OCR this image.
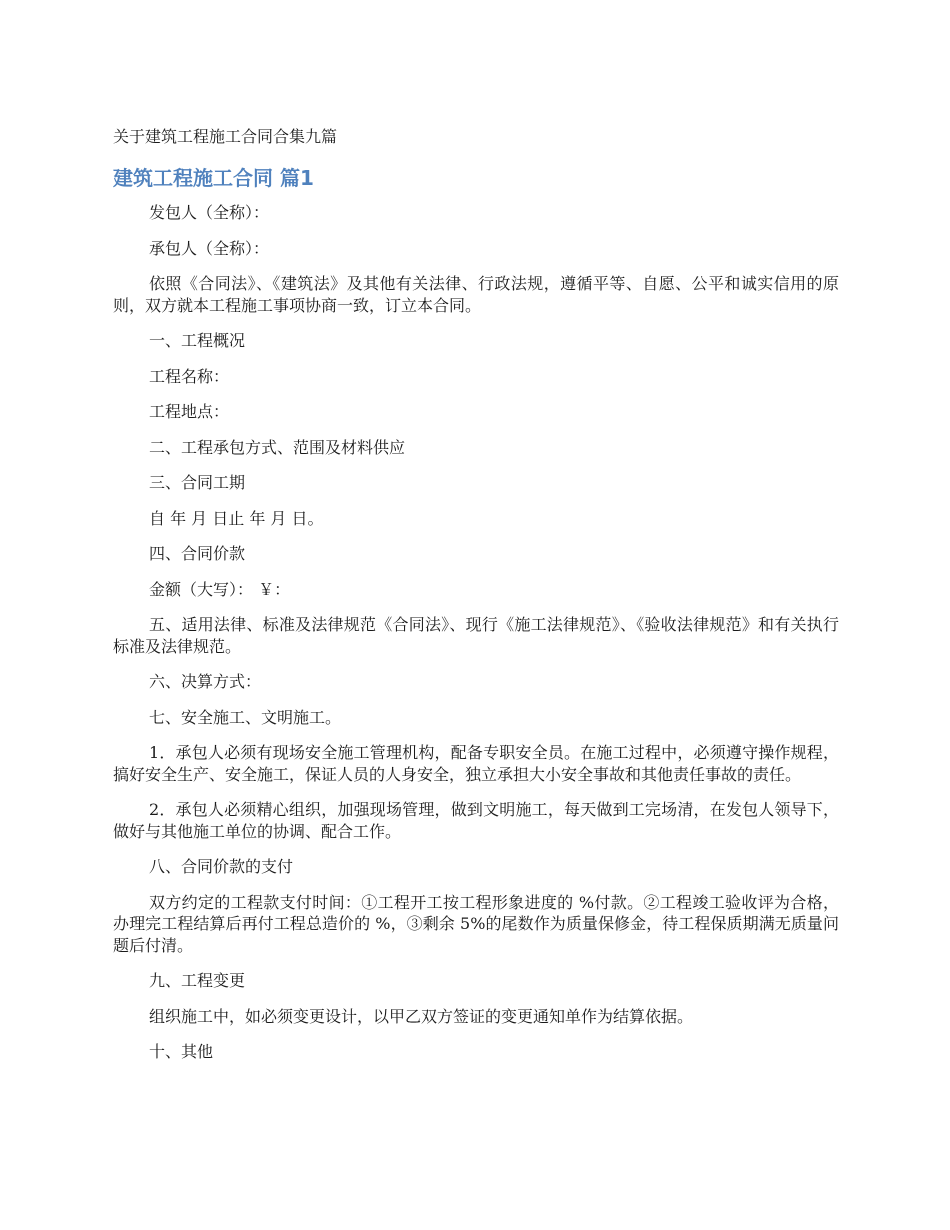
关于建筑工程施工合同合集九篇

建筑工程施工合同 篇1

发包人（全称）：

承包人（全称）：

依照《合同法》、《建筑法》及其他有关法律、行政法规，遵循平等、自愿、公平和诚实信用的原则，双方就本工程施工事项协商一致，订立本合同。

一、工程概况

工程名称：

工程地点：

二、工程承包方式、范围及材料供应

三、合同工期

自 年 月 日止 年 月 日。

四、合同价款

金额（大写）： ￥：

五、适用法律、标准及法律规范《合同法》、现行《施工法律规范》、《验收法律规范》和有关执行标准及法律规范。

六、决算方式：

七、安全施工、文明施工。

1．承包人必须有现场安全施工管理机构，配备专职安全员。在施工过程中，必须遵守操作规程，搞好安全生产、安全施工，保证人员的人身安全，独立承担大小安全事故和其他责任事故的责任。

2．承包人必须精心组织，加强现场管理，做到文明施工，每天做到工完场清，在发包人领导下，做好与其他施工单位的协调、配合工作。

八、合同价款的支付

双方约定的工程款支付时间：①工程开工按工程形象进度的 %付款。②工程竣工验收评为合格，办理完工程结算后再付工程总造价的 %，③剩余 5%的尾数作为质量保修金，待工程保质期满无质量问题后付清。

九、工程变更

组织施工中，如必须变更设计，以甲乙双方签证的变更通知单作为结算依据。

十、其他
